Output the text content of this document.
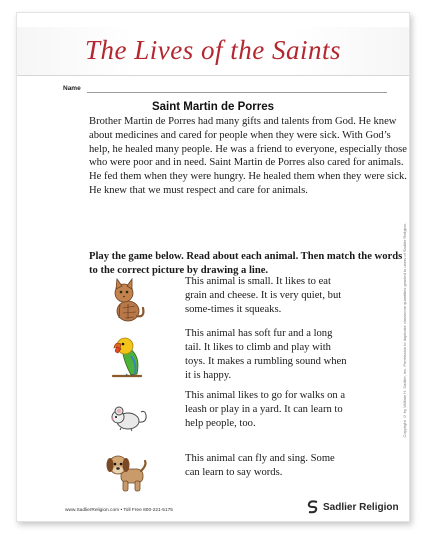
The Lives of the Saints
Name
Saint Martin de Porres
Brother Martin de Porres had many gifts and talents from God. He knew about medicines and cared for people when they were sick. With God’s help, he healed many people. He was a friend to everyone, especially those who were poor and in need. Saint Martin de Porres also cared for animals. He fed them when they were hungry. He healed them when they were sick. He knew that we must respect and care for animals.
Play the game below. Read about each animal. Then match the words to the correct picture by drawing a line.
This animal is small. It likes to eat grain and cheese. It is very quiet, but some-times it squeaks.
This animal has soft fur and a long tail. It likes to climb and play with toys. It makes a rumbling sound when it is happy.
This animal likes to go for walks on a leash or play in a yard. It can learn to help people, too.
This animal can fly and sing. Some can learn to say words.
Copyright © by William H. Sadlier, Inc. Permission to duplicate classroom quantities granted to users of Sadlier Religion.
www.SadlierReligion.com • Toll Free 800-221-5175	Sadlier Religion
